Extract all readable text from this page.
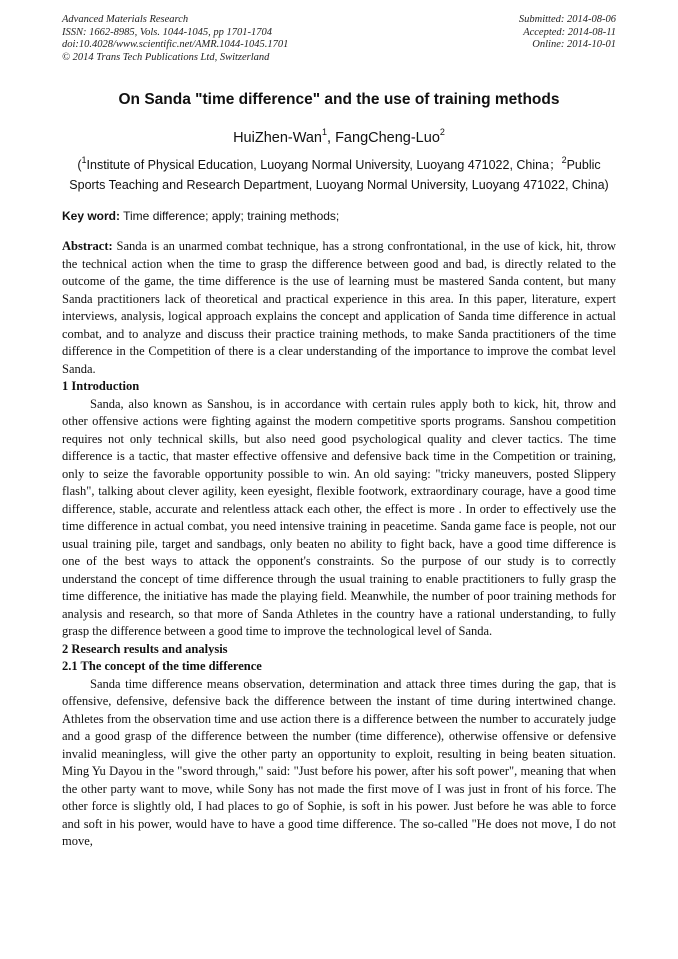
Advanced Materials Research
ISSN: 1662-8985, Vols. 1044-1045, pp 1701-1704
doi:10.4028/www.scientific.net/AMR.1044-1045.1701
© 2014 Trans Tech Publications Ltd, Switzerland
Submitted: 2014-08-06
Accepted: 2014-08-11
Online: 2014-10-01
On Sanda "time difference" and the use of training methods
HuiZhen-Wan$^1$, FangCheng-Luo$^2$
($^1$Institute of Physical Education, Luoyang Normal University, Luoyang 471022, China；$^2$Public Sports Teaching and Research Department, Luoyang Normal University, Luoyang 471022, China)
Key word: Time difference; apply; training methods;

Abstract: Sanda is an unarmed combat technique, has a strong confrontational, in the use of kick, hit, throw the technical action when the time to grasp the difference between good and bad, is directly related to the outcome of the game, the time difference is the use of learning must be mastered Sanda content, but many Sanda practitioners lack of theoretical and practical experience in this area. In this paper, literature, expert interviews, analysis, logical approach explains the concept and application of Sanda time difference in actual combat, and to analyze and discuss their practice training methods, to make Sanda practitioners of the time difference in the Competition of there is a clear understanding of the importance to improve the combat level Sanda.

1 Introduction

Sanda, also known as Sanshou, is in accordance with certain rules apply both to kick, hit, throw and other offensive actions were fighting against the modern competitive sports programs. Sanshou competition requires not only technical skills, but also need good psychological quality and clever tactics. The time difference is a tactic, that master effective offensive and defensive back time in the Competition or training, only to seize the favorable opportunity possible to win. An old saying: "tricky maneuvers, posted Slippery flash", talking about clever agility, keen eyesight, flexible footwork, extraordinary courage, have a good time difference, stable, accurate and relentless attack each other, the effect is more . In order to effectively use the time difference in actual combat, you need intensive training in peacetime. Sanda game face is people, not our usual training pile, target and sandbags, only beaten no ability to fight back, have a good time difference is one of the best ways to attack the opponent's constraints. So the purpose of our study is to correctly understand the concept of time difference through the usual training to enable practitioners to fully grasp the time difference, the initiative has made the playing field. Meanwhile, the number of poor training methods for analysis and research, so that more of Sanda Athletes in the country have a rational understanding, to fully grasp the difference between a good time to improve the technological level of Sanda.

2 Research results and analysis
2.1 The concept of the time difference

Sanda time difference means observation, determination and attack three times during the gap, that is offensive, defensive, defensive back the difference between the instant of time during intertwined change. Athletes from the observation time and use action there is a difference between the number to accurately judge and a good grasp of the difference between the number (time difference), otherwise offensive or defensive invalid meaningless, will give the other party an opportunity to exploit, resulting in being beaten situation. Ming Yu Dayou in the "sword through," said: "Just before his power, after his soft power", meaning that when the other party want to move, while Sony has not made the first move of I was just in front of his force. The other force is slightly old, I had places to go of Sophie, is soft in his power. Just before he was able to force and soft in his power, would have to have a good time difference. The so-called "He does not move, I do not move,
